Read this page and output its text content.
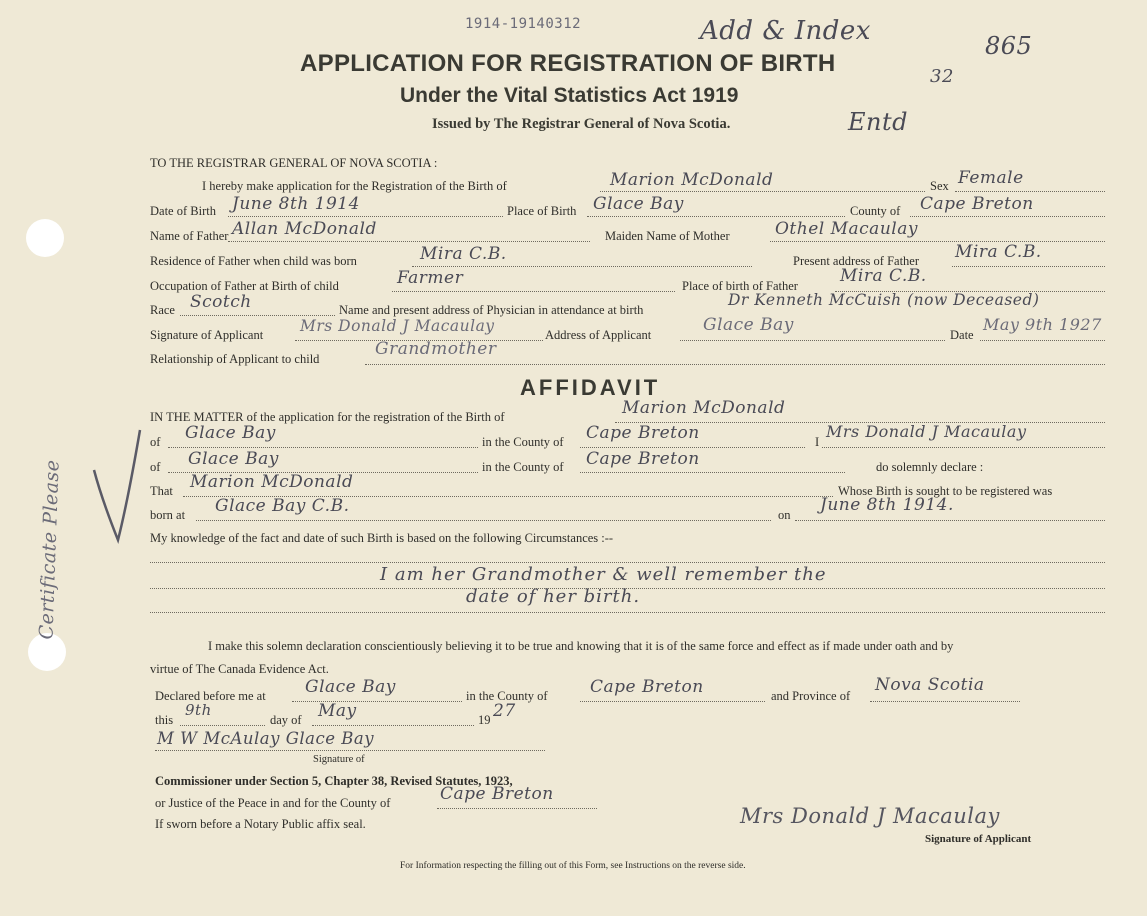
Certificate Please
1914-19140312	Add & Index	865
32
Entd
APPLICATION FOR REGISTRATION OF BIRTH
Under the Vital Statistics Act 1919
Issued by The Registrar General of Nova Scotia.
TO THE REGISTRAR GENERAL OF NOVA SCOTIA :
I hereby make application for the Registration of the Birth of	Marion McDonald	Sex Female
Date of Birth June 8th 1914	Place of Birth Glace Bay	County of Cape Breton
Name of Father Allan McDonald	Maiden Name of Mother	Othel Macaulay
Residence of Father when child was born	Mira C.B.	Present address of Father Mira C.B.
Occupation of Father at Birth of child	Farmer	Place of birth of Father Mira C.B.
Race Scotch	Name and present address of Physician in attendance at birth
Dr Kenneth McCuish (now Deceased)
Signature of Applicant Mrs Donald J Macaulay	Address of Applicant	Glace Bay	Date
May 9th 1927
Relationship of Applicant to child	Grandmother
AFFIDAVIT
IN THE MATTER of the application for the registration of the Birth of	Marion McDonald
of Glace Bay	in the County of Cape Breton	I
Mrs Donald J Macaulay
of Glace Bay	in the County of Cape Breton	do solemnly declare :
That Marion McDonald	Whose Birth is sought to be registered was
born at Glace Bay C.B.	on June 8th 1914.
My knowledge of the fact and date of such Birth is based on the following Circumstances :--
I am her Grandmother & well remember the
date of her birth.
I make this solemn declaration conscientiously believing it to be true and knowing that it is of the same force and effect as if made under oath and by
virtue of The Canada Evidence Act.
Declared before me at Glace Bay	in the County of Cape Breton	and Province of
Nova Scotia
this
9th
day of May	19 27
M W McAulay Glace Bay
Signature of
Commissioner under Section 5, Chapter 38, Revised Statutes, 1923,
or Justice of the Peace in and for the County of	Cape Breton
If sworn before a Notary Public affix seal.	Mrs Donald J Macaulay
Signature of Applicant
For Information respecting the filling out of this Form, see Instructions on the reverse side.
